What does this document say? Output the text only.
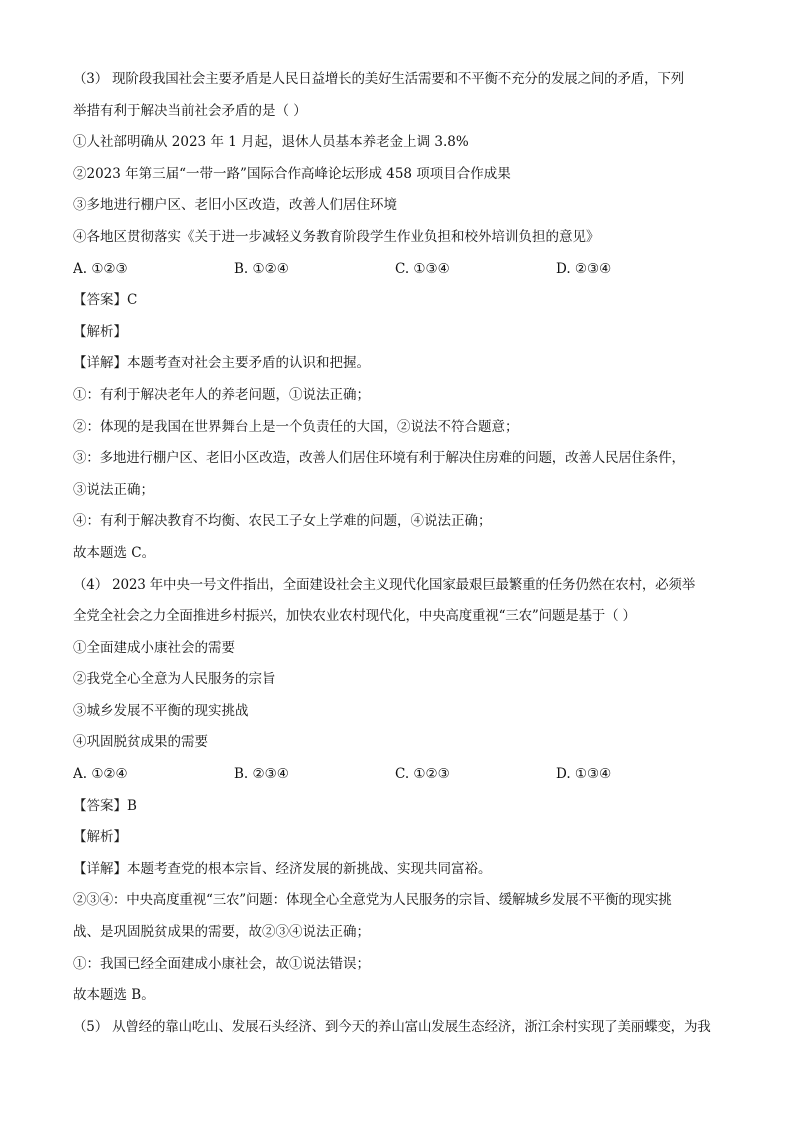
（3） 现阶段我国社会主要矛盾是人民日益增长的美好生活需要和不平衡不充分的发展之间的矛盾，下列
举措有利于解决当前社会矛盾的是（ ）
①人社部明确从 2023 年 1 月起，退休人员基本养老金上调 3.8%
②2023 年第三届“一带一路”国际合作高峰论坛形成 458 项项目合作成果
③多地进行棚户区、老旧小区改造，改善人们居住环境
④各地区贯彻落实《关于进一步减轻义务教育阶段学生作业负担和校外培训负担的意见》
A. ①②③	B. ①②④	C. ①③④	D. ②③④
【答案】C
【解析】
【详解】本题考查对社会主要矛盾的认识和把握。
①：有利于解决老年人的养老问题，①说法正确；
②：体现的是我国在世界舞台上是一个负责任的大国，②说法不符合题意；
③：多地进行棚户区、老旧小区改造，改善人们居住环境有利于解决住房难的问题，改善人民居住条件，
③说法正确；
④：有利于解决教育不均衡、农民工子女上学难的问题，④说法正确；
故本题选 C。
（4） 2023 年中央一号文件指出，全面建设社会主义现代化国家最艰巨最繁重的任务仍然在农村，必须举
全党全社会之力全面推进乡村振兴，加快农业农村现代化，中央高度重视“三农”问题是基于（ ）
①全面建成小康社会的需要
②我党全心全意为人民服务的宗旨
③城乡发展不平衡的现实挑战
④巩固脱贫成果的需要
A. ①②④	B. ②③④	C. ①②③	D. ①③④
【答案】B
【解析】
【详解】本题考查党的根本宗旨、经济发展的新挑战、实现共同富裕。
②③④：中央高度重视“三农”问题：体现全心全意党为人民服务的宗旨、缓解城乡发展不平衡的现实挑
战、是巩固脱贫成果的需要，故②③④说法正确；
①：我国已经全面建成小康社会，故①说法错误；
故本题选 B。
（5） 从曾经的靠山吃山、发展石头经济、到今天的养山富山发展生态经济，浙江余村实现了美丽蝶变，为我
